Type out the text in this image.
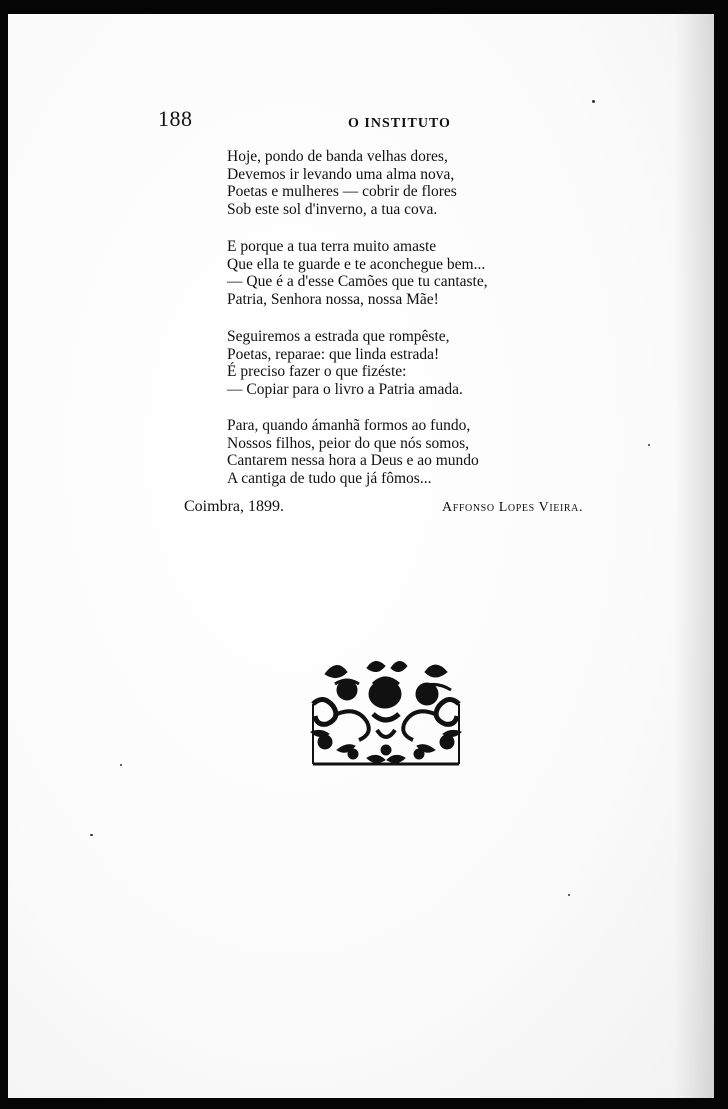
188	O INSTITUTO
Hoje, pondo de banda velhas dores,
Devemos ir levando uma alma nova,
Poetas e mulheres — cobrir de flores
Sob este sol d'inverno, a tua cova.
E porque a tua terra muito amaste
Que ella te guarde e te aconchegue bem...
— Que é a d'esse Camões que tu cantaste,
Patria, Senhora nossa, nossa Mãe!
Seguiremos a estrada que rompêste,
Poetas, reparae: que linda estrada!
É preciso fazer o que fizéste:
— Copiar para o livro a Patria amada.
Para, quando ámanhã formos ao fundo,
Nossos filhos, peior do que nós somos,
Cantarem nessa hora a Deus e ao mundo
A cantiga de tudo que já fômos...
Coimbra, 1899.	Affonso Lopes Vieira.
